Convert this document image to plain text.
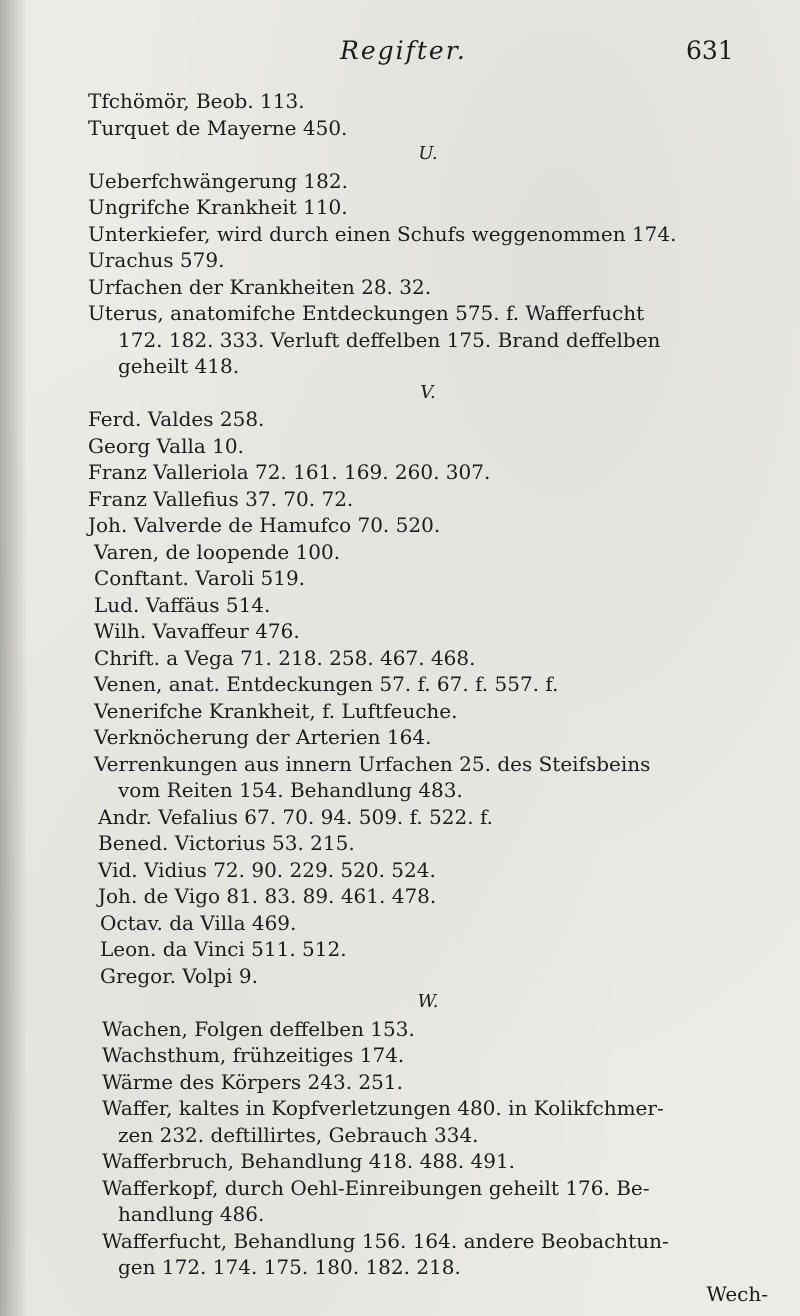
Regifter.	631
Tfchömör, Beob. 113.
Turquet de Mayerne 450.
U.
Ueberfchwängerung 182.
Ungrifche Krankheit 110.
Unterkiefer, wird durch einen Schufs weggenommen 174.
Urachus 579.
Urfachen der Krankheiten 28. 32.
Uterus, anatomifche Entdeckungen 575. f. Wafferfucht
172. 182. 333. Verluft deffelben 175. Brand deffelben
geheilt 418.
V.
Ferd. Valdes 258.
Georg Valla 10.
Franz Valleriola 72. 161. 169. 260. 307.
Franz Vallefius 37. 70. 72.
Joh. Valverde de Hamufco 70. 520.
Varen, de loopende 100.
Conftant. Varoli 519.
Lud. Vaffäus 514.
Wilh. Vavaffeur 476.
Chrift. a Vega 71. 218. 258. 467. 468.
Venen, anat. Entdeckungen 57. f. 67. f. 557. f.
Venerifche Krankheit, f. Luftfeuche.
Verknöcherung der Arterien 164.
Verrenkungen aus innern Urfachen 25. des Steifsbeins
vom Reiten 154. Behandlung 483.
Andr. Vefalius 67. 70. 94. 509. f. 522. f.
Bened. Victorius 53. 215.
Vid. Vidius 72. 90. 229. 520. 524.
Joh. de Vigo 81. 83. 89. 461. 478.
Octav. da Villa 469.
Leon. da Vinci 511. 512.
Gregor. Volpi 9.
W.
Wachen, Folgen deffelben 153.
Wachsthum, frühzeitiges 174.
Wärme des Körpers 243. 251.
Waffer, kaltes in Kopfverletzungen 480. in Kolikfchmer-
zen 232. deftillirtes, Gebrauch 334.
Wafferbruch, Behandlung 418. 488. 491.
Wafferkopf, durch Oehl-Einreibungen geheilt 176. Be-
handlung 486.
Wafferfucht, Behandlung 156. 164. andere Beobachtun-
gen 172. 174. 175. 180. 182. 218.
Wech-
